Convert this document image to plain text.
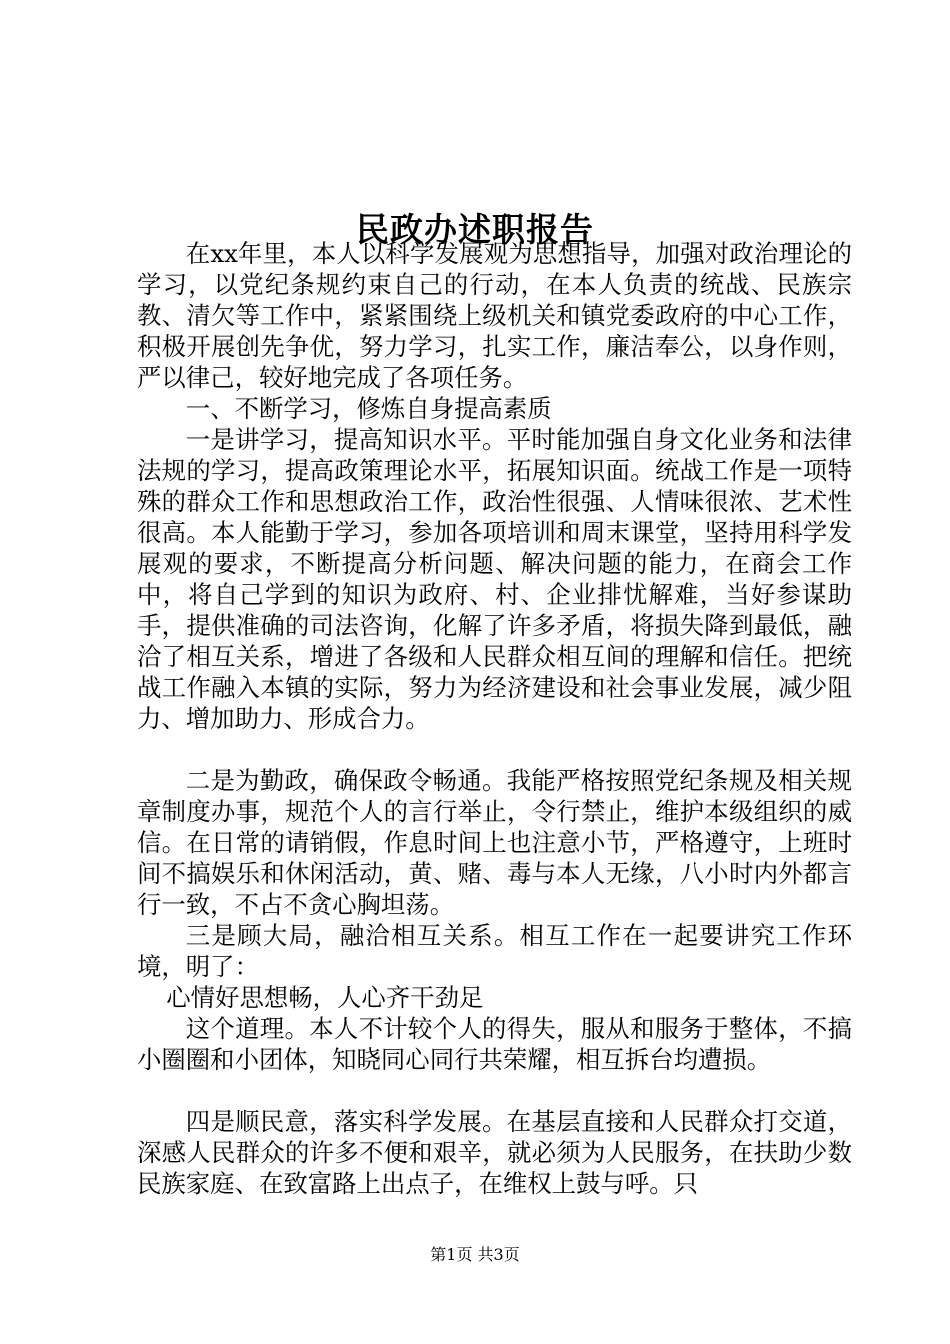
民政办述职报告

在xx年里，本人以科学发展观为思想指导，加强对政治理论的学习，以党纪条规约束自己的行动，在本人负责的统战、民族宗教、清欠等工作中，紧紧围绕上级机关和镇党委政府的中心工作，积极开展创先争优，努力学习，扎实工作，廉洁奉公，以身作则，严以律己，较好地完成了各项任务。

一、不断学习，修炼自身提高素质

一是讲学习，提高知识水平。平时能加强自身文化业务和法律法规的学习，提高政策理论水平，拓展知识面。统战工作是一项特殊的群众工作和思想政治工作，政治性很强、人情味很浓、艺术性很高。本人能勤于学习，参加各项培训和周末课堂，坚持用科学发展观的要求，不断提高分析问题、解决问题的能力，在商会工作中，将自己学到的知识为政府、村、企业排忧解难，当好参谋助手，提供准确的司法咨询，化解了许多矛盾，将损失降到最低，融洽了相互关系，增进了各级和人民群众相互间的理解和信任。把统战工作融入本镇的实际，努力为经济建设和社会事业发展，减少阻力、增加助力、形成合力。

二是为勤政，确保政令畅通。我能严格按照党纪条规及相关规章制度办事，规范个人的言行举止，令行禁止，维护本级组织的威信。在日常的请销假，作息时间上也注意小节，严格遵守，上班时间不搞娱乐和休闲活动，黄、赌、毒与本人无缘，八小时内外都言行一致，不占不贪心胸坦荡。

三是顾大局，融洽相互关系。相互工作在一起要讲究工作环境，明了：

心情好思想畅，人心齐干劲足

这个道理。本人不计较个人的得失，服从和服务于整体，不搞小圈圈和小团体，知晓同心同行共荣耀，相互拆台均遭损。

四是顺民意，落实科学发展。在基层直接和人民群众打交道，深感人民群众的许多不便和艰辛，就必须为人民服务，在扶助少数民族家庭、在致富路上出点子，在维权上鼓与呼。只

第1页 共3页
